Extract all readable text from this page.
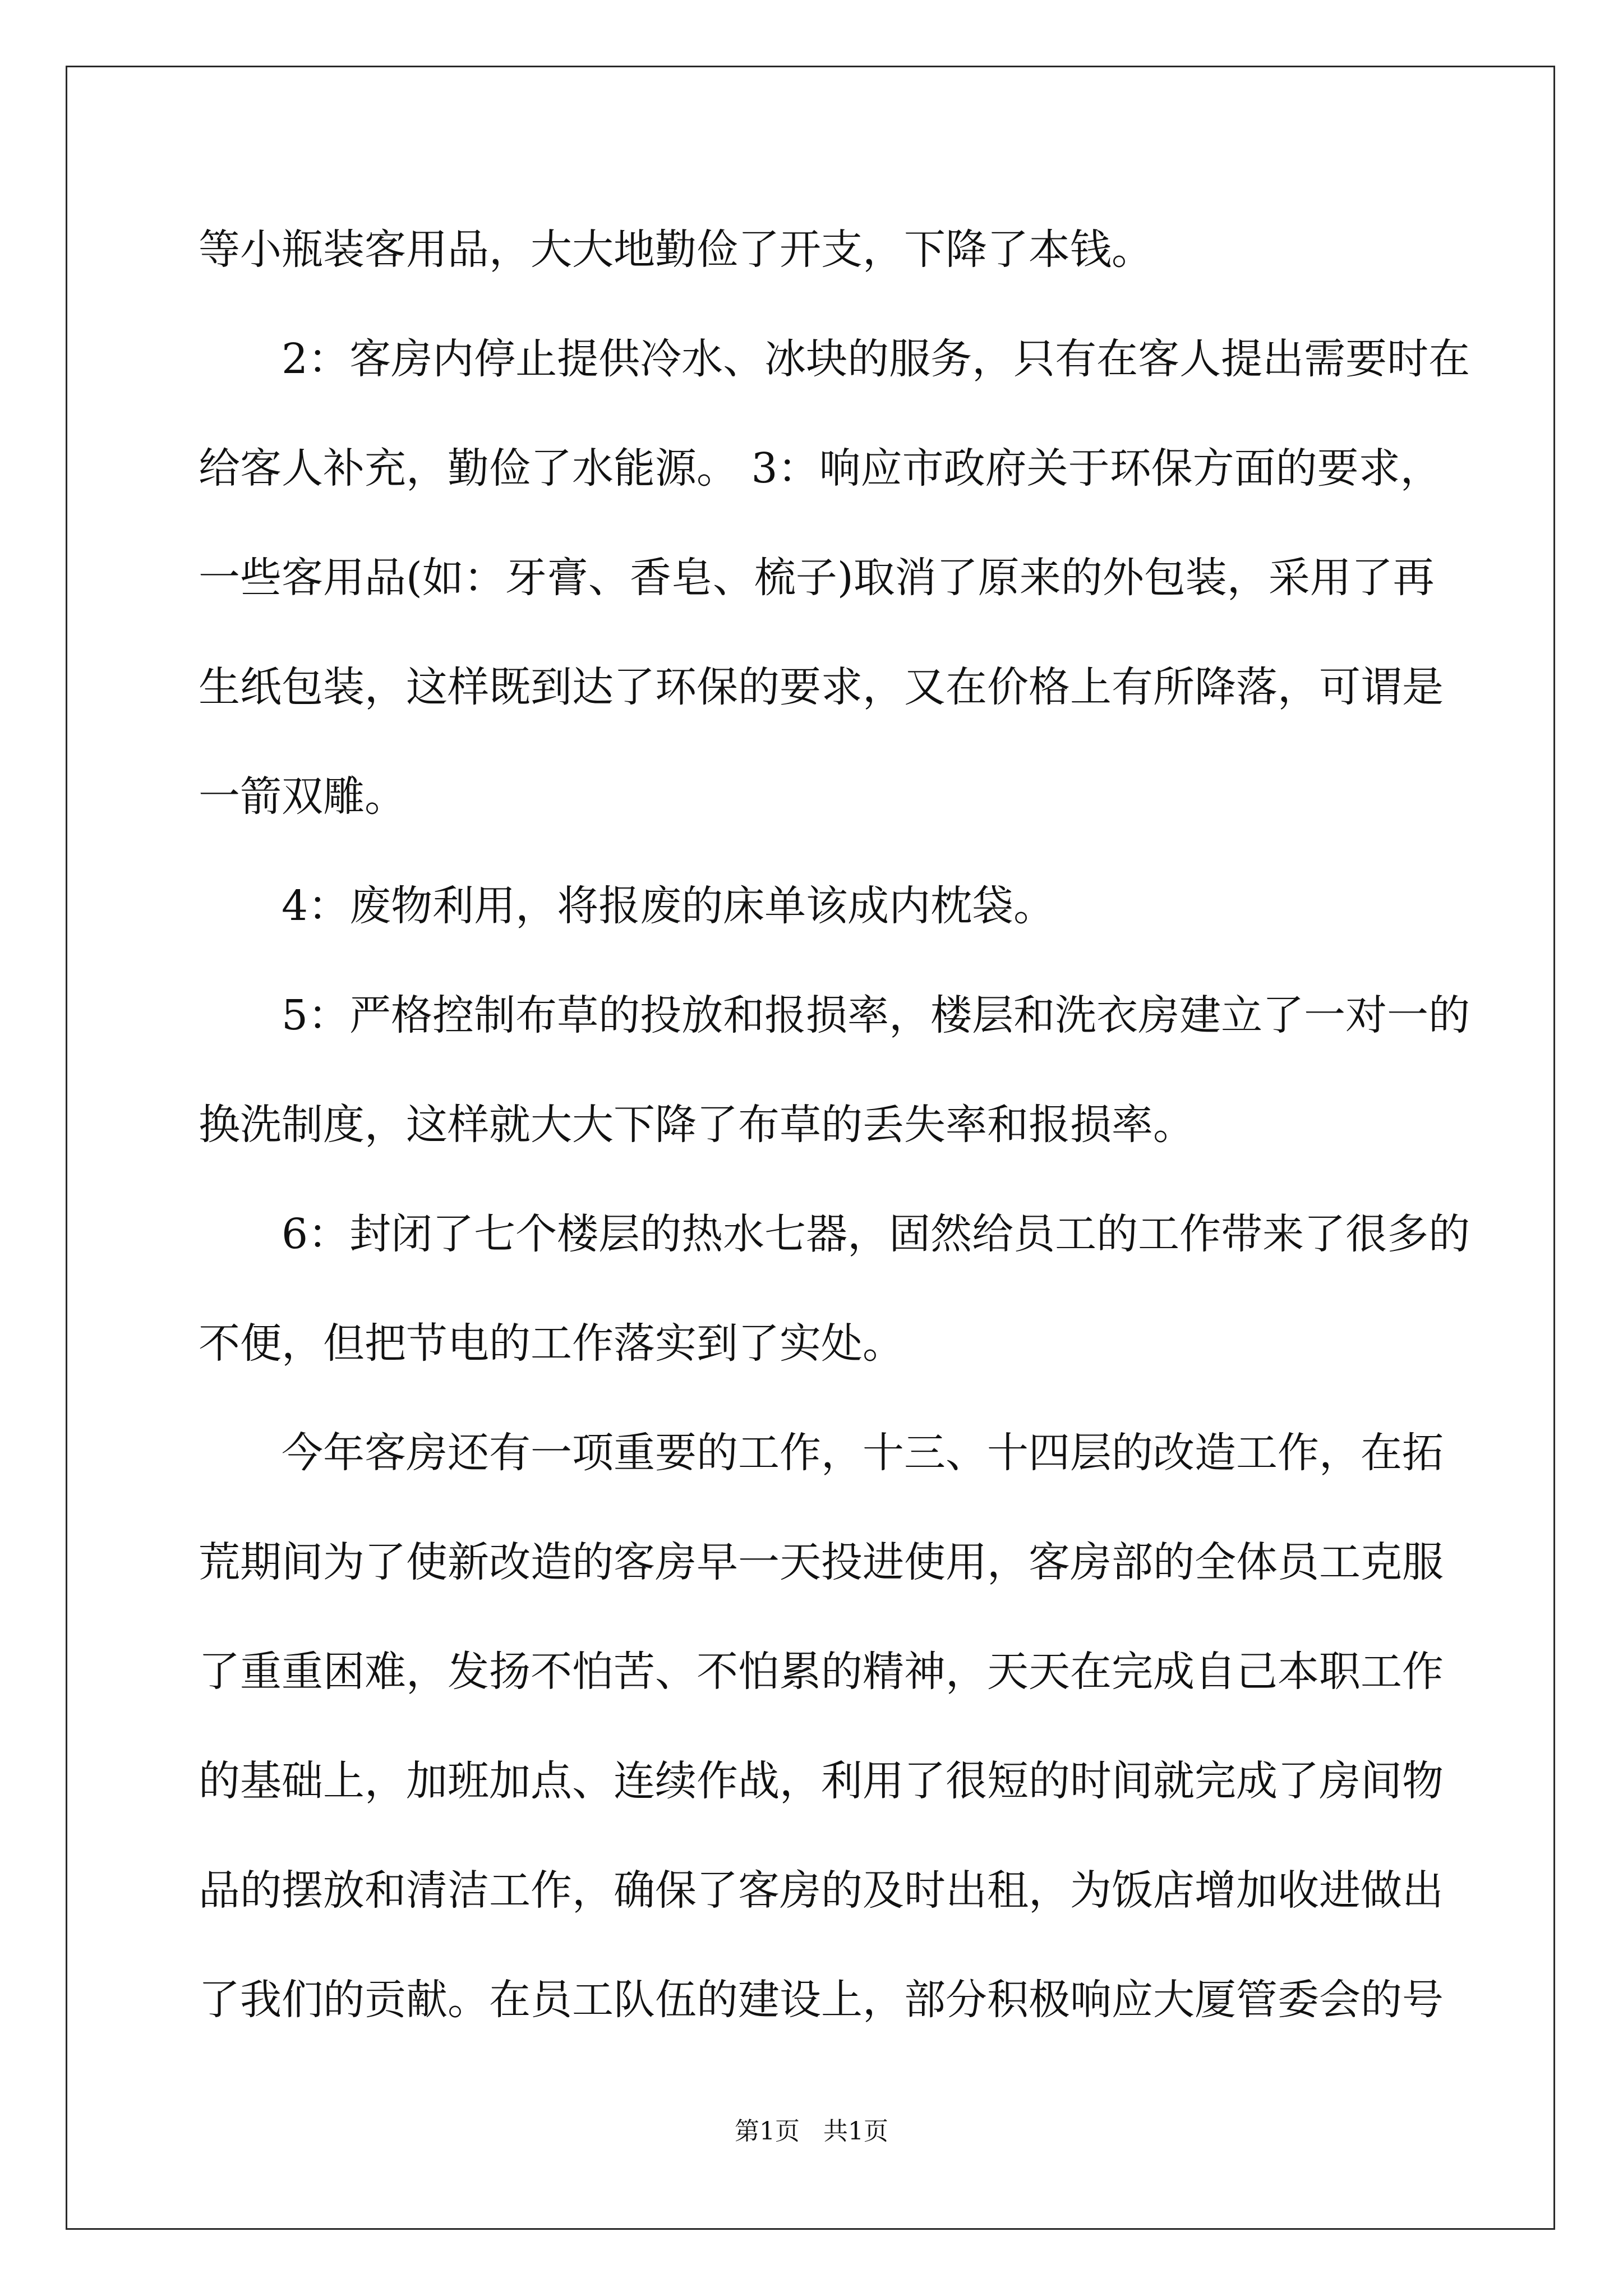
等小瓶装客用品，大大地勤俭了开支，下降了本钱。
2：客房内停止提供冷水、冰块的服务，只有在客人提出需要时在
给客人补充，勤俭了水能源。 3：响应市政府关于环保方面的要求，
一些客用品(如：牙膏、香皂、梳子)取消了原来的外包装，采用了再
生纸包装，这样既到达了环保的要求，又在价格上有所降落，可谓是
一箭双雕。
4：废物利用，将报废的床单该成内枕袋。
5：严格控制布草的投放和报损率，楼层和洗衣房建立了一对一的
换洗制度，这样就大大下降了布草的丢失率和报损率。
6：封闭了七个楼层的热水七器，固然给员工的工作带来了很多的
不便，但把节电的工作落实到了实处。
今年客房还有一项重要的工作，十三、十四层的改造工作，在拓
荒期间为了使新改造的客房早一天投进使用，客房部的全体员工克服
了重重困难，发扬不怕苦、不怕累的精神，天天在完成自己本职工作
的基础上，加班加点、连续作战，利用了很短的时间就完成了房间物
品的摆放和清洁工作，确保了客房的及时出租，为饭店增加收进做出
了我们的贡献。在员工队伍的建设上，部分积极响应大厦管委会的号
第1页 共1页
